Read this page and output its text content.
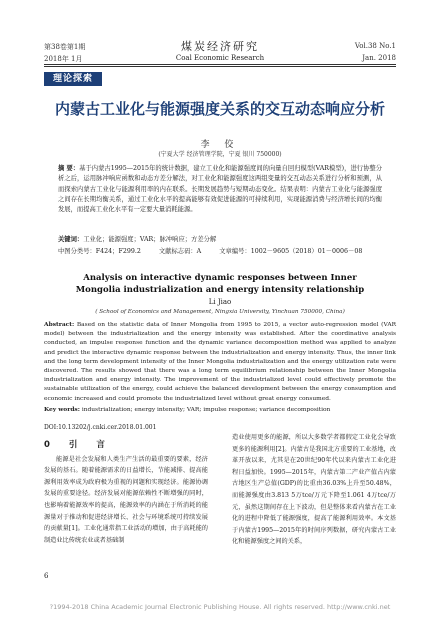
第38卷第1期	煤炭经济研究	Vol.38 No.1
2018年 1月	Coal Economic Research	Jan. 2018
理论探索
内蒙古工业化与能源强度关系的交互动态响应分析
李 佼
(宁夏大学 经济管理学院，宁夏 银川 750000)
摘 要：基于内蒙古1995—2015年的统计数据，建立工业化和能源强度间的向量自回归模型(VAR模型)，进行协整分析之后，运用脉冲响应函数和动态方差分解法，对工业化和能源强度这两组变量的交互动态关系进行分析和预测，从而探索内蒙古工业化与能源利用率的内在联系。长期发展趋势与短期动态变化。结果表明：内蒙古工业化与能源强度之间存在长期均衡关系，通过工业化水平的提高能够有效促进能源的可持续利用，实现能源消费与经济增长间的均衡发展，而提高工业化水平有一定要大量消耗能源。
关键词：工业化；能源强度；VAR；脉冲响应；方差分解
中图分类号：F424；F299.2	文献标志码：A	文章编号：1002－9605（2018）01－0006－08
Analysis on interactive dynamic responses between Inner Mongolia industrialization and energy intensity relationship
Li Jiao
( School of Economics and Management, Ningxia University, Yinchuan 750000, China)
Abstract: Based on the statistic data of Inner Mongolia from 1995 to 2015, a vector auto-regression model (VAR model) between the industrialization and the energy intensity was established. After the coordinative analysis conducted, an impulse response function and the dynamic variance decomposition method was applied to analyze and predict the interactive dynamic response between the industrialization and energy intensity. Thus, the inner link and the long term development intensity of the Inner Mongolia industrialization and the energy utilization rate were discovered. The results showed that there was a long term equilibrium relationship between the Inner Mongolia industrialization and energy intensity. The improvement of the industrialized level could effectively promote the sustainable utilization of the energy, could achieve the balanced development between the energy consumption and economic increased and could promote the industrialized level without great energy consumed.
Key words: industrialization; energy intensity; VAR; impulse response; variance decomposition
DOI:10.13202/j.cnki.cer.2018.01.001
0 引 言

能源是社会发展和人类生产生活的最重要的要素，经济发展的基石。随着能源需求的日益增长，节能减排、提高能源利用效率成为政府极为重视的问题和实现经济。能源协调发展的重要途径。经济发展对能源依赖性不断增强的同时，也影响着能源效率的提高，能源效率的内涵在于所消耗的能源量对于推动和促进经济增长、社会与环境系统可持续发展的贡献量[1]。工业化通常指工业活动的增加，由于高耗能的制造业比传统农业或者基础制

造业使用更多的能源，所以大多数学者都假定工业化会导致更多的能源利用[2]。内蒙古是我国北方重要的工业基地，改革开放以来，尤其是在20世纪90年代以来内蒙古工业化进程日益加快。1995—2015年，内蒙古第二产业产值占内蒙古地区生产总值(GDP)的比重由36.03%上升至50.48%，而能源强度由3.813 5万tce/万元下降至1.061 4万tce/万元，虽然这期间存在上下波动，但是整体来看内蒙古在工业化的进程中降低了能源强度，提高了能源利用效率。本文基于内蒙古1995—2015年的时间序列数据，研究内蒙古工业化和能源强度之间的关系，

6
?1994-2018 China Academic Journal Electronic Publishing House. All rights reserved. http://www.cnki.net
